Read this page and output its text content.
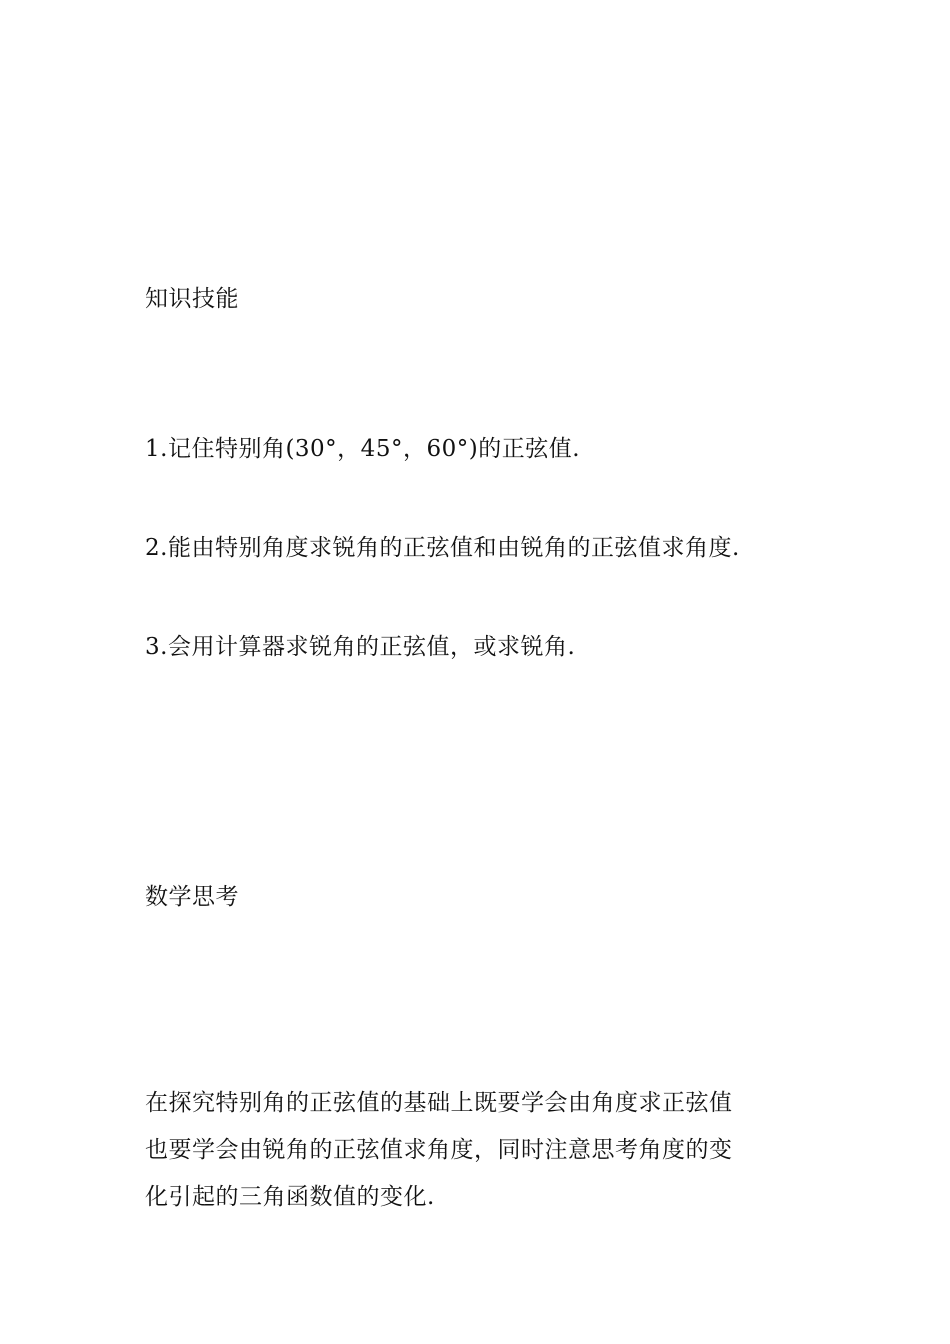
知识技能
1.记住特别角(30°，45°，60°)的正弦值.
2.能由特别角度求锐角的正弦值和由锐角的正弦值求角度.
3.会用计算器求锐角的正弦值，或求锐角.
数学思考
在探究特别角的正弦值的基础上既要学会由角度求正弦值
也要学会由锐角的正弦值求角度，同时注意思考角度的变
化引起的三角函数值的变化.
